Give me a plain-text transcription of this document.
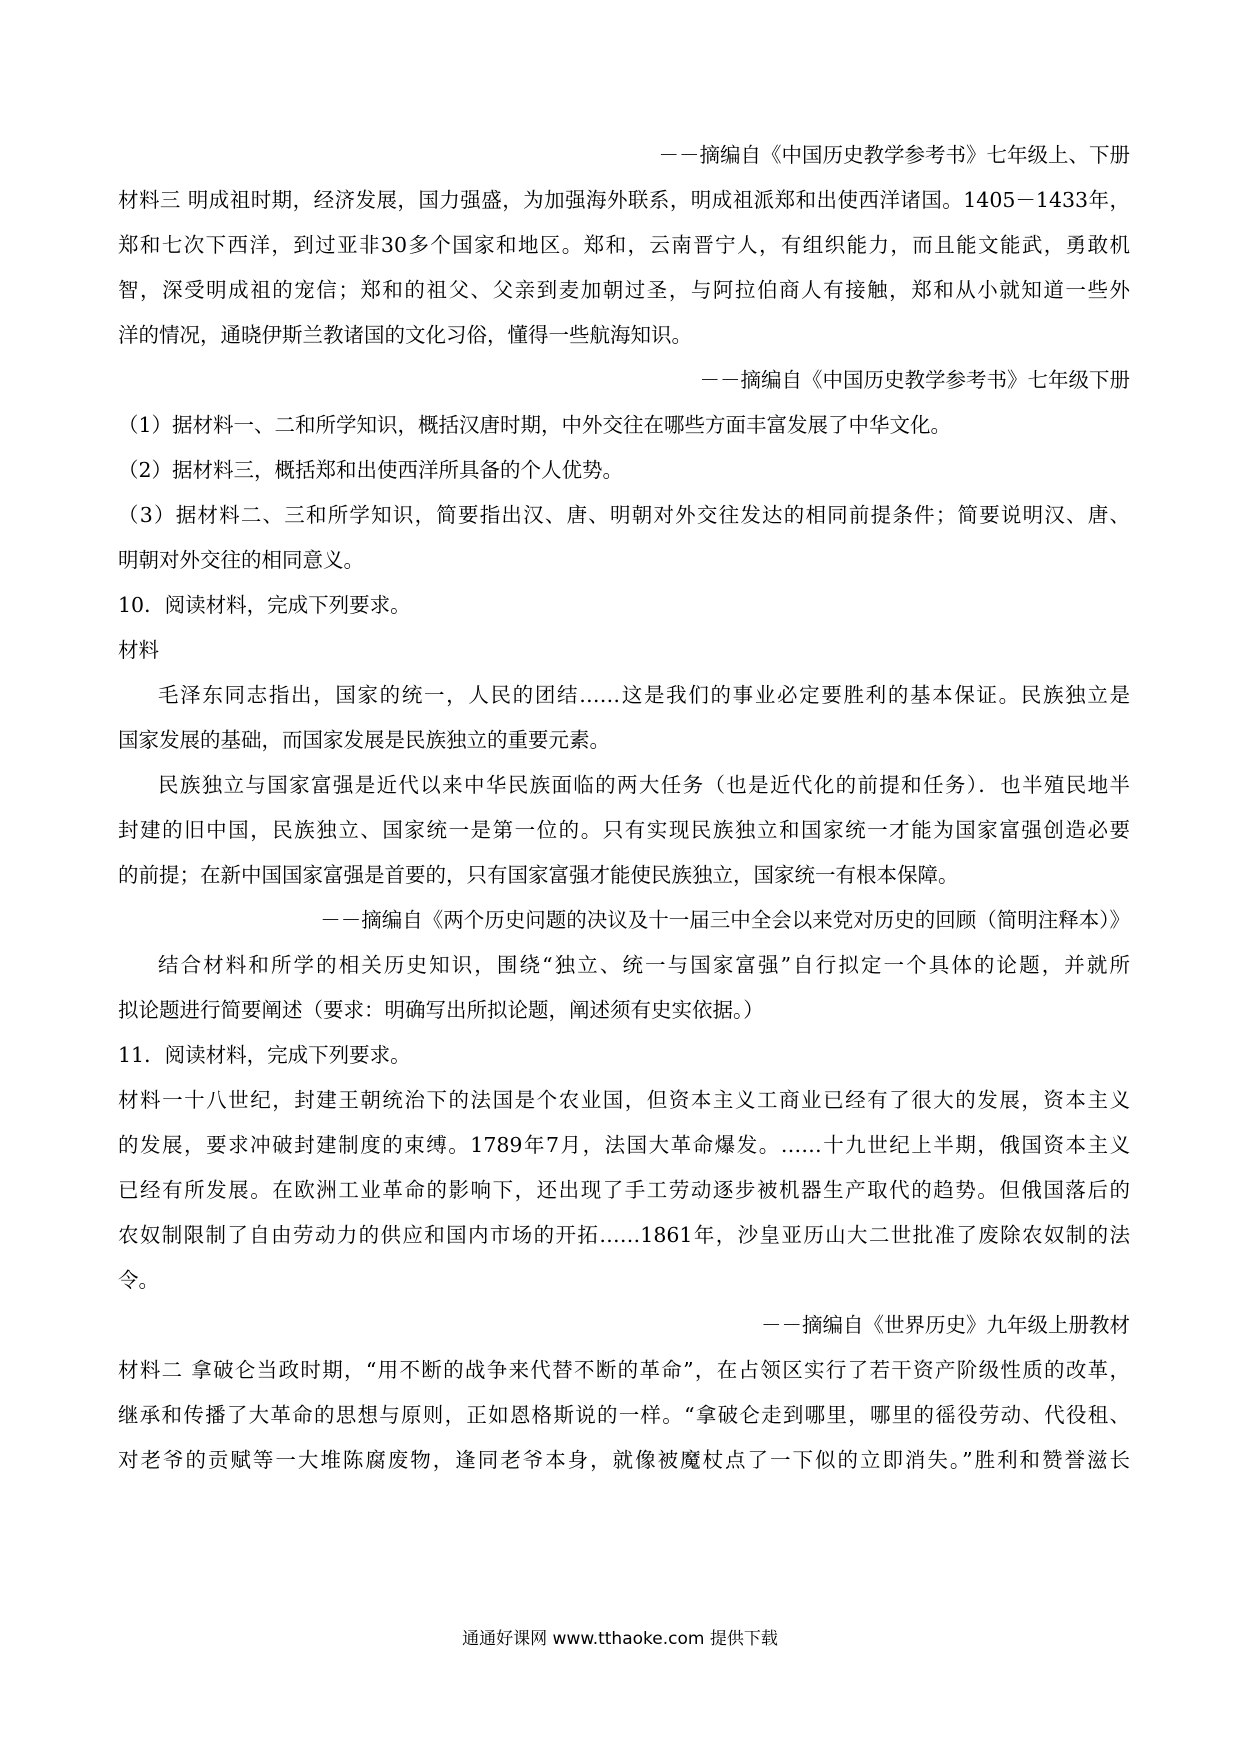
－－摘编自《中国历史教学参考书》七年级上、下册
材料三 明成祖时期，经济发展，国力强盛，为加强海外联系，明成祖派郑和出使西洋诸国。1405－1433年，
郑和七次下西洋，到过亚非30多个国家和地区。郑和，云南晋宁人，有组织能力，而且能文能武，勇敢机
智，深受明成祖的宠信；郑和的祖父、父亲到麦加朝过圣，与阿拉伯商人有接触，郑和从小就知道一些外
洋的情况，通晓伊斯兰教诸国的文化习俗，懂得一些航海知识。
－－摘编自《中国历史教学参考书》七年级下册
（1）据材料一、二和所学知识，概括汉唐时期，中外交往在哪些方面丰富发展了中华文化。
（2）据材料三，概括郑和出使西洋所具备的个人优势。
（3）据材料二、三和所学知识，简要指出汉、唐、明朝对外交往发达的相同前提条件；简要说明汉、唐、
明朝对外交往的相同意义。
10．阅读材料，完成下列要求。
材料
毛泽东同志指出，国家的统一，人民的团结……这是我们的事业必定要胜利的基本保证。民族独立是
国家发展的基础，而国家发展是民族独立的重要元素。
民族独立与国家富强是近代以来中华民族面临的两大任务（也是近代化的前提和任务）．也半殖民地半
封建的旧中国，民族独立、国家统一是第一位的。只有实现民族独立和国家统一才能为国家富强创造必要
的前提；在新中国国家富强是首要的，只有国家富强才能使民族独立，国家统一有根本保障。
－－摘编自《两个历史问题的决议及十一届三中全会以来党对历史的回顾（简明注释本）》
结合材料和所学的相关历史知识，围绕“独立、统一与国家富强”自行拟定一个具体的论题，并就所
拟论题进行简要阐述（要求：明确写出所拟论题，阐述须有史实依据。）
11．阅读材料，完成下列要求。
材料一十八世纪，封建王朝统治下的法国是个农业国，但资本主义工商业已经有了很大的发展，资本主义
的发展，要求冲破封建制度的束缚。1789年7月，法国大革命爆发。……十九世纪上半期，俄国资本主义
已经有所发展。在欧洲工业革命的影响下，还出现了手工劳动逐步被机器生产取代的趋势。但俄国落后的
农奴制限制了自由劳动力的供应和国内市场的开拓……1861年，沙皇亚历山大二世批准了废除农奴制的法
令。
－－摘编自《世界历史》九年级上册教材
材料二 拿破仑当政时期，“用不断的战争来代替不断的革命”，在占领区实行了若干资产阶级性质的改革，
继承和传播了大革命的思想与原则，正如恩格斯说的一样。“拿破仑走到哪里，哪里的徭役劳动、代役租、
对老爷的贡赋等一大堆陈腐废物，逢同老爷本身，就像被魔杖点了一下似的立即消失。”胜利和赞誉滋长
通通好课网 www.tthaoke.com 提供下载
